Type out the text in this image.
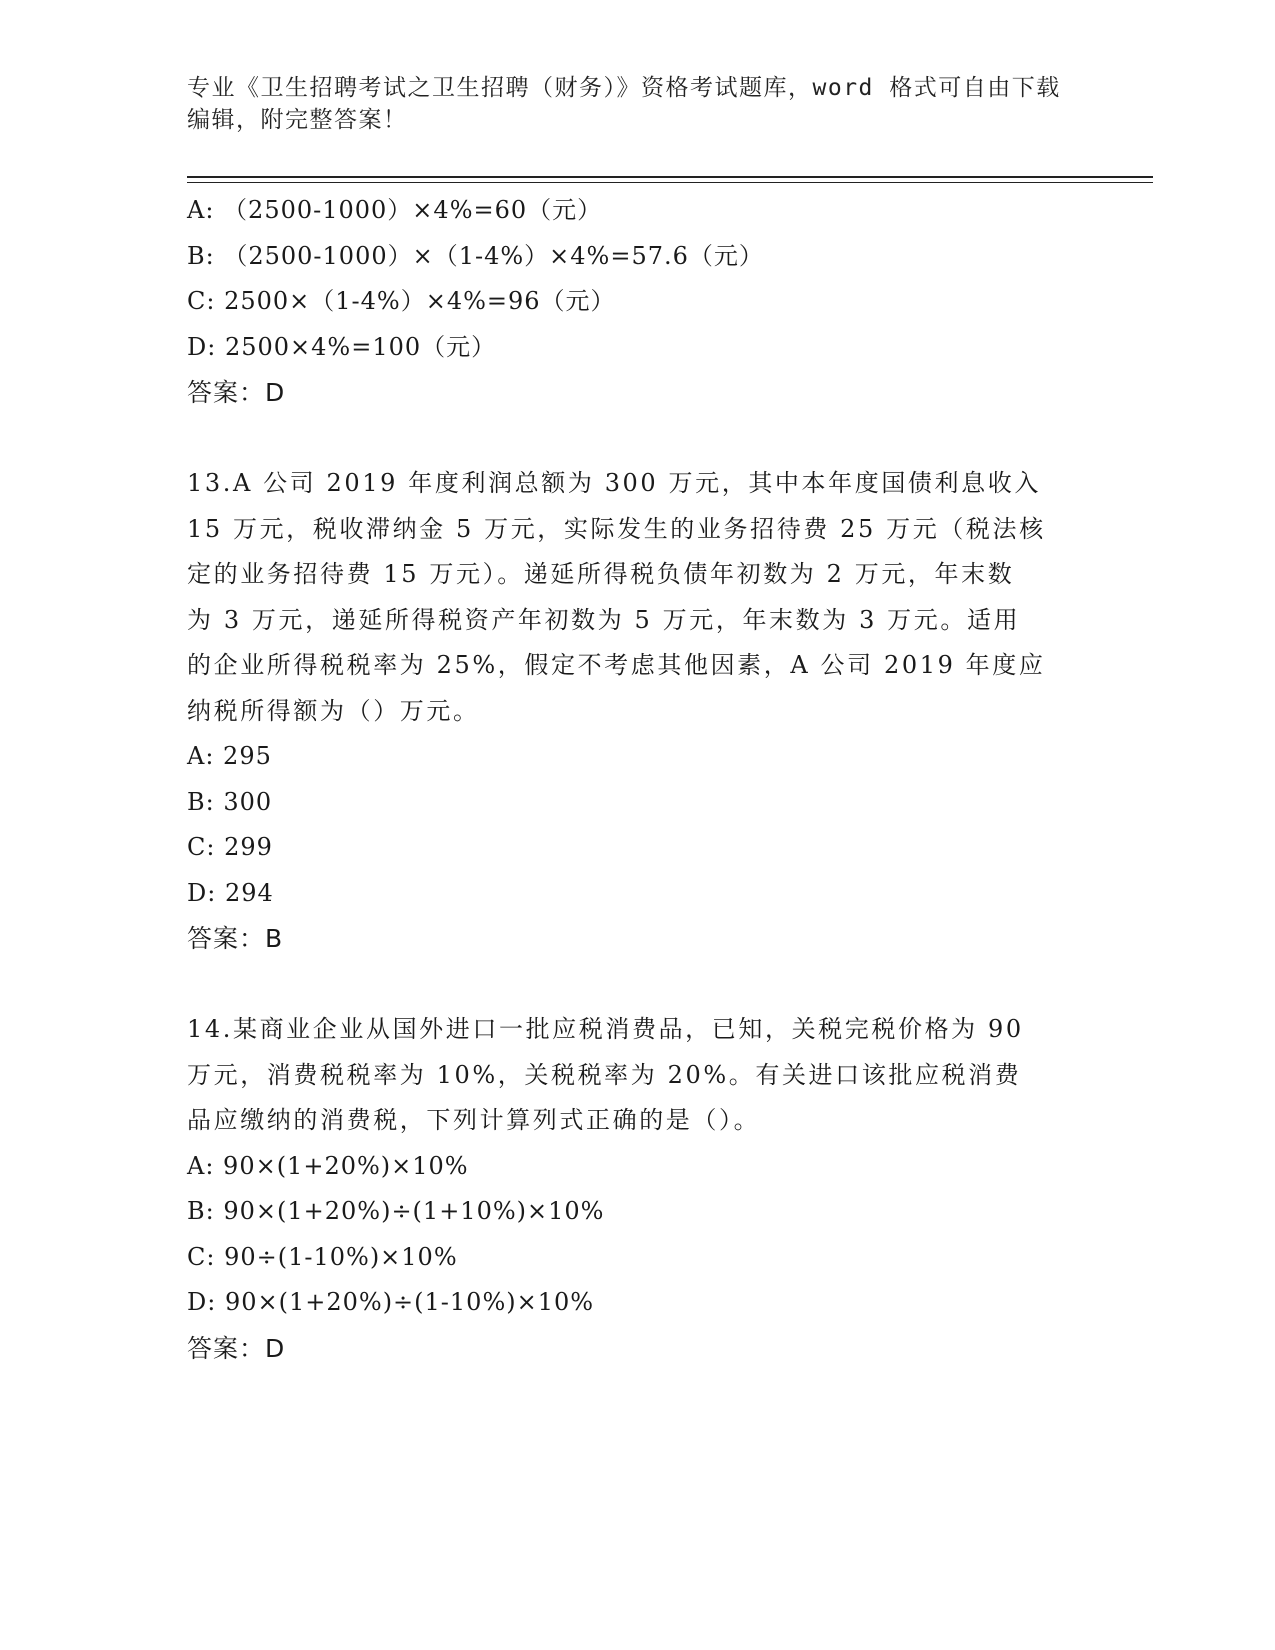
专业《卫生招聘考试之卫生招聘（财务）》资格考试题库，word 格式可自由下载
编辑，附完整答案！
A: （2500-1000）×4%=60（元）
B: （2500-1000）×（1-4%）×4%=57.6（元）
C: 2500×（1-4%）×4%=96（元）
D: 2500×4%=100（元）
答案：D
13.A 公司 2019 年度利润总额为 300 万元，其中本年度国债利息收入
15 万元，税收滞纳金 5 万元，实际发生的业务招待费 25 万元（税法核
定的业务招待费 15 万元）。递延所得税负债年初数为 2 万元，年末数
为 3 万元，递延所得税资产年初数为 5 万元，年末数为 3 万元。适用
的企业所得税税率为 25%，假定不考虑其他因素，A 公司 2019 年度应
纳税所得额为（）万元。
A: 295
B: 300
C: 299
D: 294
答案：B
14.某商业企业从国外进口一批应税消费品，已知，关税完税价格为 90
万元，消费税税率为 10%，关税税率为 20%。有关进口该批应税消费
品应缴纳的消费税，下列计算列式正确的是（）。
A: 90×(1+20%)×10%
B: 90×(1+20%)÷(1+10%)×10%
C: 90÷(1-10%)×10%
D: 90×(1+20%)÷(1-10%)×10%
答案：D
